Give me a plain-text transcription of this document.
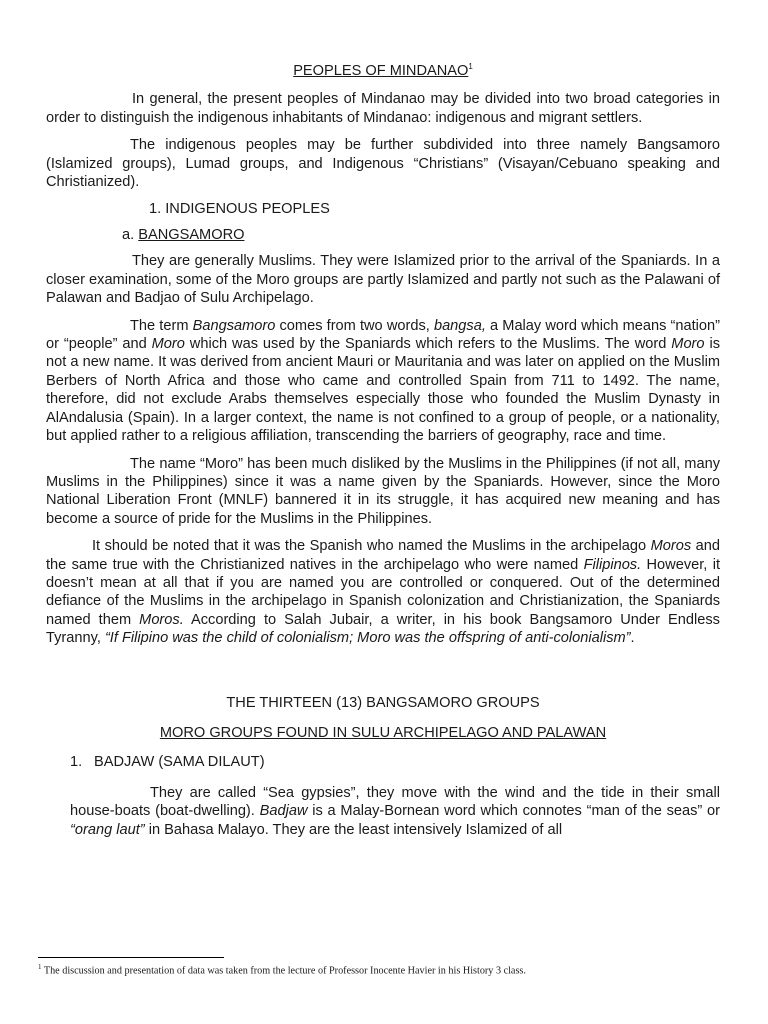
PEOPLES OF MINDANAO$^1$

In general, the present peoples of Mindanao may be divided into two broad categories in order to distinguish the indigenous inhabitants of Mindanao: indigenous and migrant settlers.

The indigenous peoples may be further subdivided into three namely Bangsamoro (Islamized groups), Lumad groups, and Indigenous “Christians” (Visayan/Cebuano speaking and Christianized).

1. INDIGENOUS PEOPLES
a. BANGSAMORO

They are generally Muslims. They were Islamized prior to the arrival of the Spaniards. In a closer examination, some of the Moro groups are partly Islamized and partly not such as the Palawani of Palawan and Badjao of Sulu Archipelago.

The term Bangsamoro comes from two words, bangsa, a Malay word which means “nation” or “people” and Moro which was used by the Spaniards which refers to the Muslims. The word Moro is not a new name. It was derived from ancient Mauri or Mauritania and was later on applied on the Muslim Berbers of North Africa and those who came and controlled Spain from 711 to 1492. The name, therefore, did not exclude Arabs themselves especially those who founded the Muslim Dynasty in AlAndalusia (Spain). In a larger context, the name is not confined to a group of people, or a nationality, but applied rather to a religious affiliation, transcending the barriers of geography, race and time.

The name “Moro” has been much disliked by the Muslims in the Philippines (if not all, many Muslims in the Philippines) since it was a name given by the Spaniards. However, since the Moro National Liberation Front (MNLF) bannered it in its struggle, it has acquired new meaning and has become a source of pride for the Muslims in the Philippines.

It should be noted that it was the Spanish who named the Muslims in the archipelago Moros and the same true with the Christianized natives in the archipelago who were named Filipinos. However, it doesn’t mean at all that if you are named you are controlled or conquered. Out of the determined defiance of the Muslims in the archipelago in Spanish colonization and Christianization, the Spaniards named them Moros. According to Salah Jubair, a writer, in his book Bangsamoro Under Endless Tyranny, “If Filipino was the child of colonialism; Moro was the offspring of anti-colonialism”.

THE THIRTEEN (13) BANGSAMORO GROUPS

MORO GROUPS FOUND IN SULU ARCHIPELAGO AND PALAWAN

1. BADJAW (SAMA DILAUT)

They are called “Sea gypsies”, they move with the wind and the tide in their small house-boats (boat-dwelling). Badjaw is a Malay-Bornean word which connotes “man of the seas” or “orang laut” in Bahasa Malayo. They are the least intensively Islamized of all

$^1$ The discussion and presentation of data was taken from the lecture of Professor Inocente Havier in his History 3 class.
